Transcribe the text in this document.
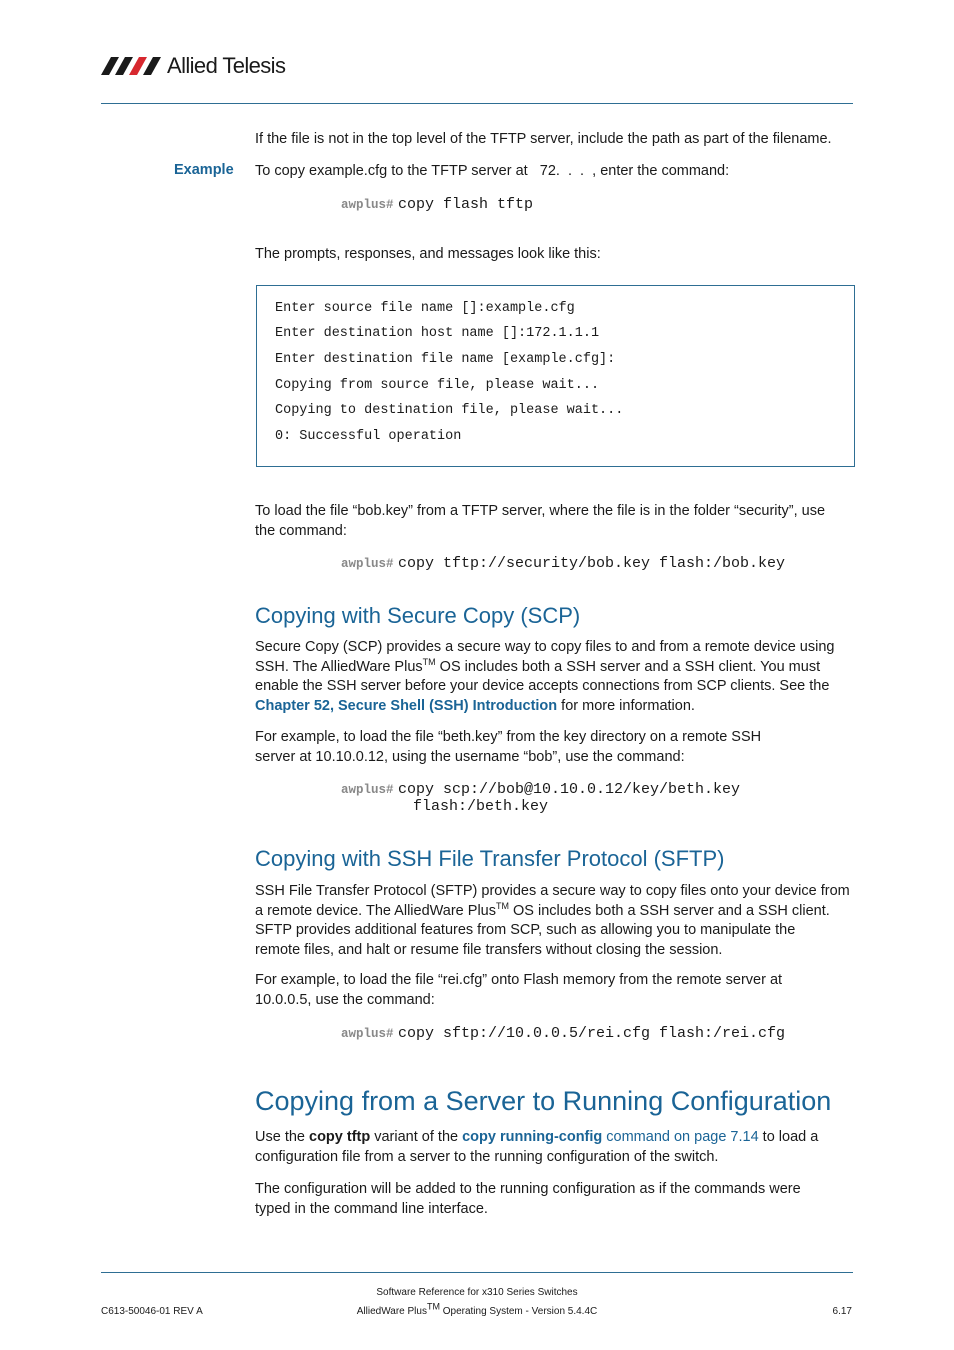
Allied Telesis
If the file is not in the top level of the TFTP server, include the path as part of the filename.
Example To copy example.cfg to the TFTP server at   72.  .  .  , enter the command:
awplus# copy flash tftp
The prompts, responses, and messages look like this:
Enter source file name []:example.cfg
Enter destination host name []:172.1.1.1
Enter destination file name [example.cfg]:
Copying from source file, please wait...
Copying to destination file, please wait...
0: Successful operation
To load the file “bob.key” from a TFTP server, where the file is in the folder “security”, use
the command:
awplus# copy tftp://security/bob.key flash:/bob.key
Copying with Secure Copy (SCP)
Secure Copy (SCP) provides a secure way to copy files to and from a remote device using
SSH. The AlliedWare Plus™ OS includes both a SSH server and a SSH client. You must
enable the SSH server before your device accepts connections from SCP clients. See the
Chapter 52, Secure Shell (SSH) Introduction for more information.
For example, to load the file “beth.key” from the key directory on a remote SSH
server at 10.10.0.12, using the username “bob”, use the command:
awplus# copy scp://bob@10.10.0.12/key/beth.key
flash:/beth.key
Copying with SSH File Transfer Protocol (SFTP)
SSH File Transfer Protocol (SFTP) provides a secure way to copy files onto your device from
a remote device. The AlliedWare Plus™ OS includes both a SSH server and a SSH client.
SFTP provides additional features from SCP, such as allowing you to manipulate the
remote files, and halt or resume file transfers without closing the session.
For example, to load the file “rei.cfg” onto Flash memory from the remote server at
10.0.0.5, use the command:
awplus# copy sftp://10.0.0.5/rei.cfg flash:/rei.cfg
Copying from a Server to Running Configuration
Use the copy tftp variant of the copy running-config command on page 7.14 to load a
configuration file from a server to the running configuration of the switch.
The configuration will be added to the running configuration as if the commands were
typed in the command line interface.
Software Reference for x310 Series Switches
C613-50046-01 REV A	AlliedWare Plus™ Operating System - Version 5.4.4C	6.17
